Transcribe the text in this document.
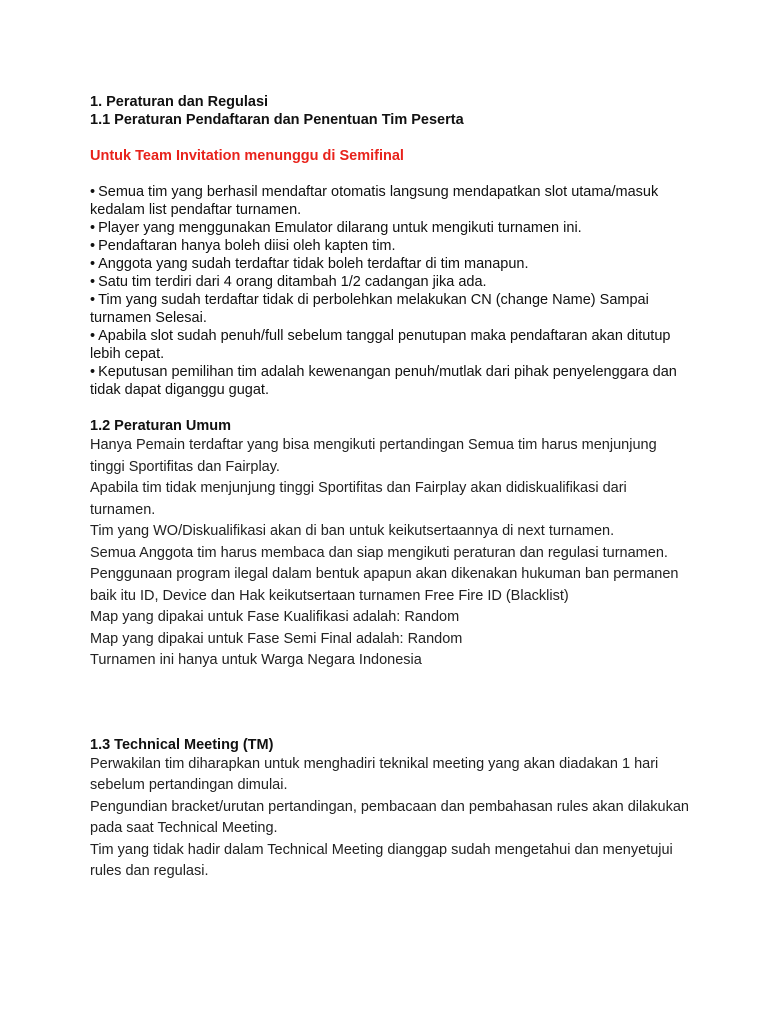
1. Peraturan dan Regulasi

1.1 Peraturan Pendaftaran dan Penentuan Tim Peserta

Untuk Team Invitation menunggu di Semifinal

• Semua tim yang berhasil mendaftar otomatis langsung mendapatkan slot utama/masuk kedalam list pendaftar turnamen.
• Player yang menggunakan Emulator dilarang untuk mengikuti turnamen ini.
• Pendaftaran hanya boleh diisi oleh kapten tim.
• Anggota yang sudah terdaftar tidak boleh terdaftar di tim manapun.
• Satu tim terdiri dari 4 orang ditambah 1/2 cadangan jika ada.
• Tim yang sudah terdaftar tidak di perbolehkan melakukan CN (change Name) Sampai turnamen Selesai.
• Apabila slot sudah penuh/full sebelum tanggal penutupan maka pendaftaran akan ditutup lebih cepat.
• Keputusan pemilihan tim adalah kewenangan penuh/mutlak dari pihak penyelenggara dan tidak dapat diganggu gugat.

1.2 Peraturan Umum

Hanya Pemain terdaftar yang bisa mengikuti pertandingan Semua tim harus menjunjung tinggi Sportifitas dan Fairplay.
Apabila tim tidak menjunjung tinggi Sportifitas dan Fairplay akan didiskualifikasi dari turnamen.
Tim yang WO/Diskualifikasi akan di ban untuk keikutsertaannya di next turnamen.
Semua Anggota tim harus membaca dan siap mengikuti peraturan dan regulasi turnamen.
Penggunaan program ilegal dalam bentuk apapun akan dikenakan hukuman ban permanen baik itu ID, Device dan Hak keikutsertaan turnamen Free Fire ID (Blacklist)
Map yang dipakai untuk Fase Kualifikasi adalah: Random
Map yang dipakai untuk Fase Semi Final adalah: Random
Turnamen ini hanya untuk Warga Negara Indonesia

1.3 Technical Meeting (TM)

Perwakilan tim diharapkan untuk menghadiri teknikal meeting yang akan diadakan 1 hari sebelum pertandingan dimulai.
Pengundian bracket/urutan pertandingan, pembacaan dan pembahasan rules akan dilakukan pada saat Technical Meeting.
Tim yang tidak hadir dalam Technical Meeting dianggap sudah mengetahui dan menyetujui rules dan regulasi.
